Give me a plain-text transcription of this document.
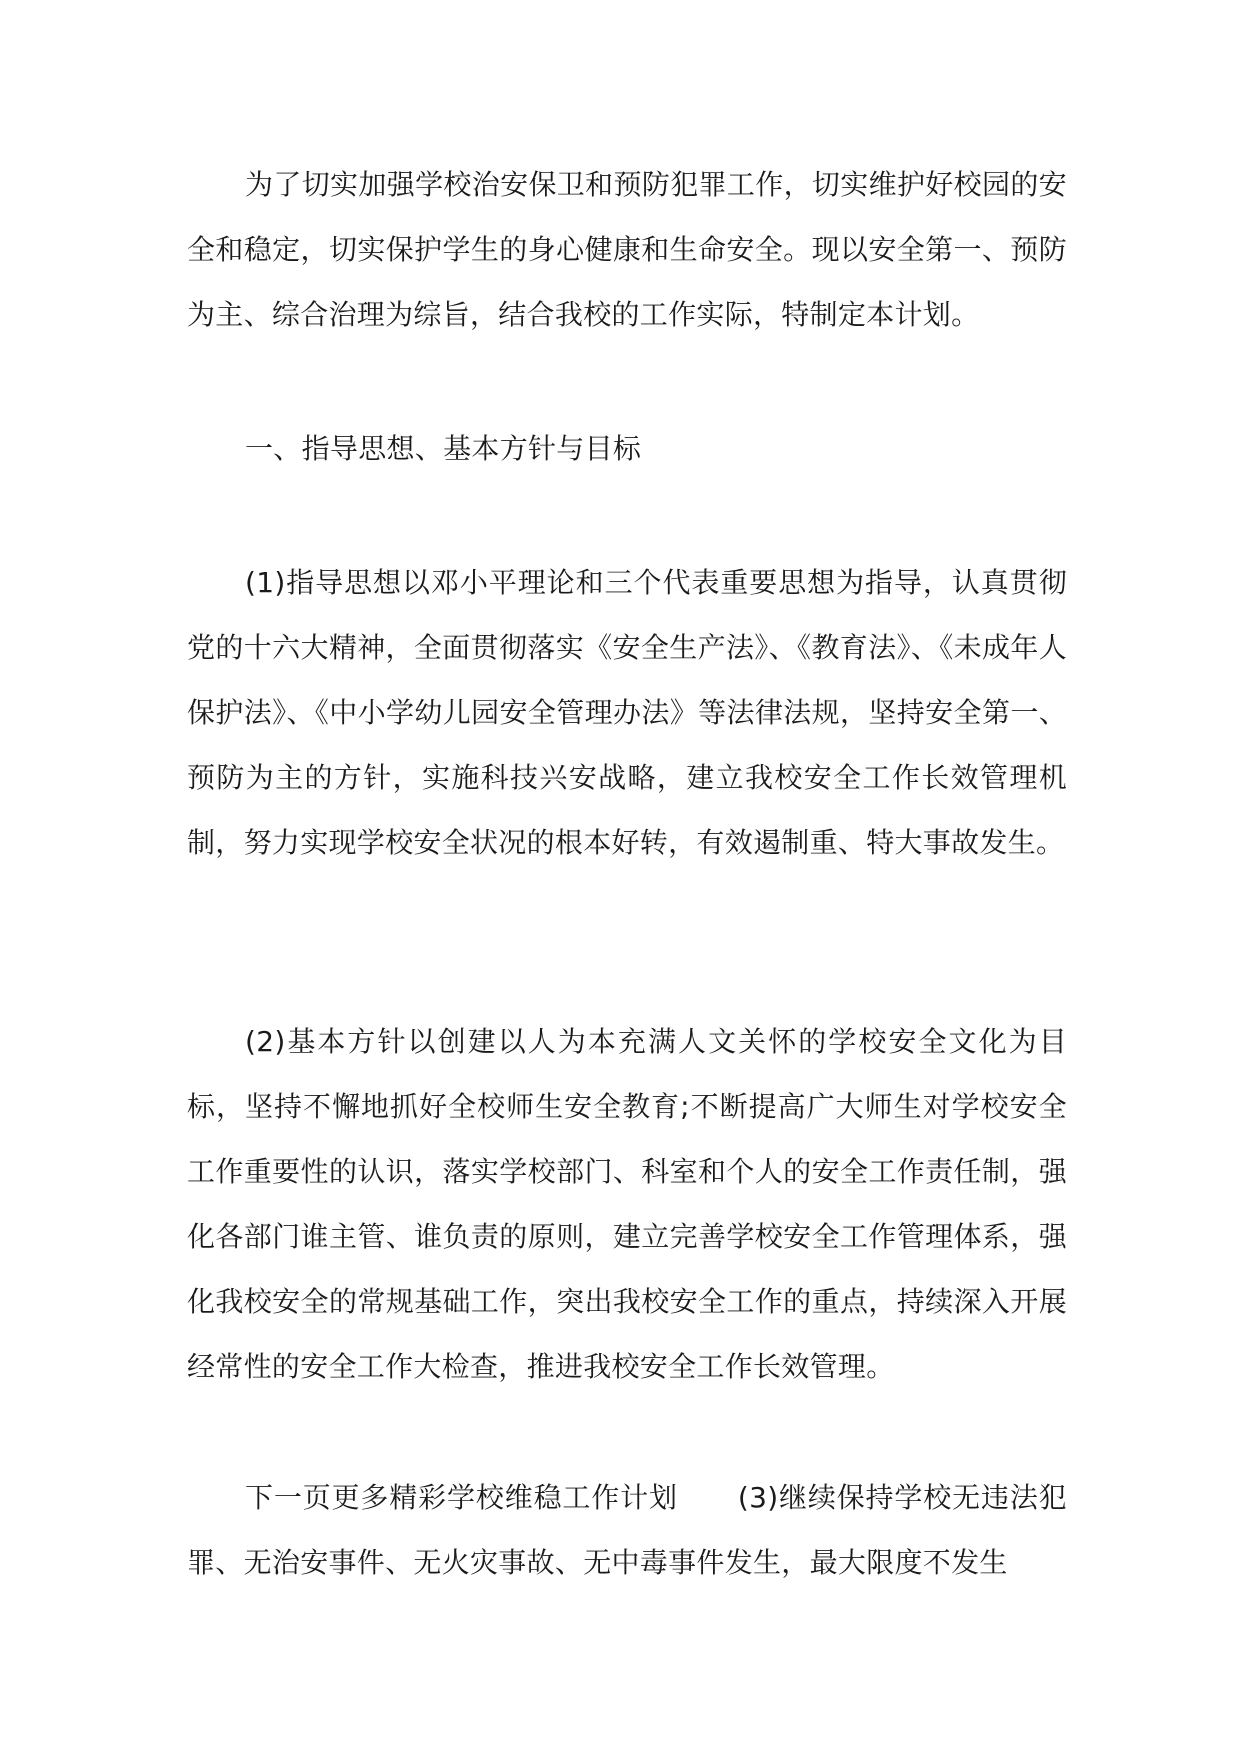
为了切实加强学校治安保卫和预防犯罪工作，切实维护好校园的安全和稳定，切实保护学生的身心健康和生命安全。现以安全第一、预防为主、综合治理为综旨，结合我校的工作实际，特制定本计划。
一、指导思想、基本方针与目标
(1)指导思想以邓小平理论和三个代表重要思想为指导，认真贯彻党的十六大精神，全面贯彻落实《安全生产法》、《教育法》、《未成年人保护法》、《中小学幼儿园安全管理办法》等法律法规，坚持安全第一、预防为主的方针，实施科技兴安战略，建立我校安全工作长效管理机制，努力实现学校安全状况的根本好转，有效遏制重、特大事故发生。
(2)基本方针以创建以人为本充满人文关怀的学校安全文化为目标，坚持不懈地抓好全校师生安全教育;不断提高广大师生对学校安全工作重要性的认识，落实学校部门、科室和个人的安全工作责任制，强化各部门谁主管、谁负责的原则，建立完善学校安全工作管理体系，强化我校安全的常规基础工作，突出我校安全工作的重点，持续深入开展经常性的安全工作大检查，推进我校安全工作长效管理。
下一页更多精彩学校维稳工作计划 (3)继续保持学校无违法犯罪、无治安事件、无火灾事故、无中毒事件发生，最大限度不发生
